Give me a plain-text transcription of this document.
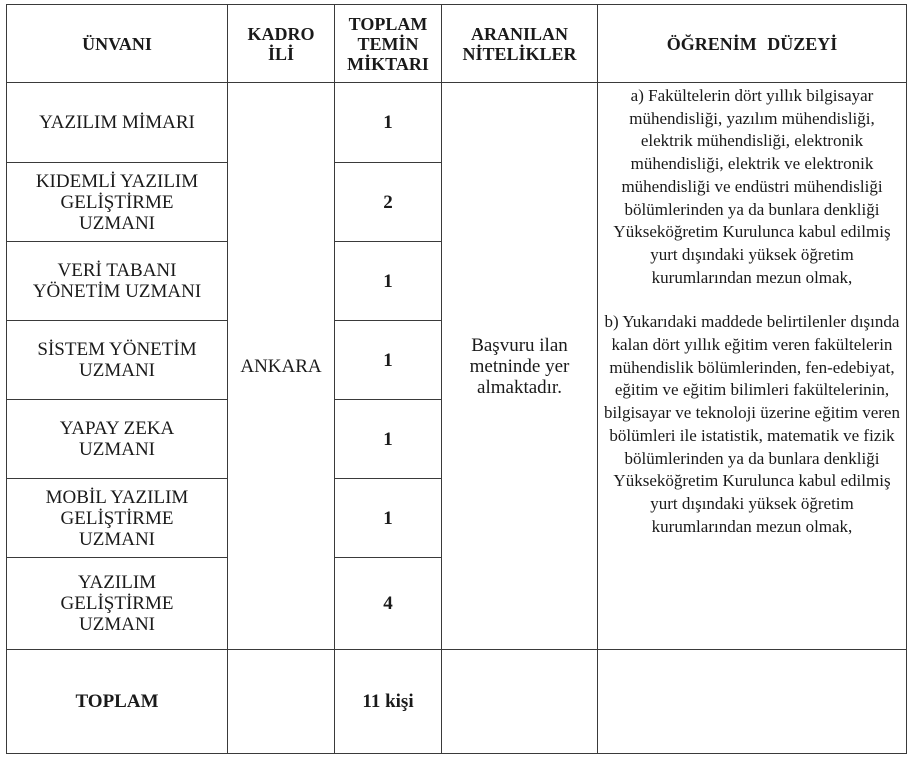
ÜNVANI	KADRO İLİ	TOPLAM TEMİN MİKTARI	ARANILAN NİTELİKLER	ÖĞRENİM DÜZEYİ
YAZILIM MİMARI	ANKARA	1	Başvuru ilan metninde yer almaktadır.	a) Fakültelerin dört yıllık bilgisayar mühendisliği, yazılım mühendisliği, elektrik mühendisliği, elektronik mühendisliği, elektrik ve elektronik mühendisliği ve endüstri mühendisliği bölümlerinden ya da bunlara denkliği Yükseköğretim Kurulunca kabul edilmiş yurt dışındaki yüksek öğretim kurumlarından mezun olmak,
b) Yukarıdaki maddede belirtilenler dışında kalan dört yıllık eğitim veren fakültelerin mühendislik bölümlerinden, fen-edebiyat, eğitim ve eğitim bilimleri fakültelerinin, bilgisayar ve teknoloji üzerine eğitim veren bölümleri ile istatistik, matematik ve fizik bölümlerinden ya da bunlara denkliği Yükseköğretim Kurulunca kabul edilmiş yurt dışındaki yüksek öğretim kurumlarından mezun olmak,
KIDEMLİ YAZILIM GELİŞTİRME UZMANI		2		
VERİ TABANI YÖNETİM UZMANI		1		
SİSTEM YÖNETİM UZMANI		1		
YAPAY ZEKA UZMANI		1		
MOBİL YAZILIM GELİŞTİRME UZMANI		1		
YAZILIM GELİŞTİRME UZMANI		4		
TOPLAM		11 kişi		
